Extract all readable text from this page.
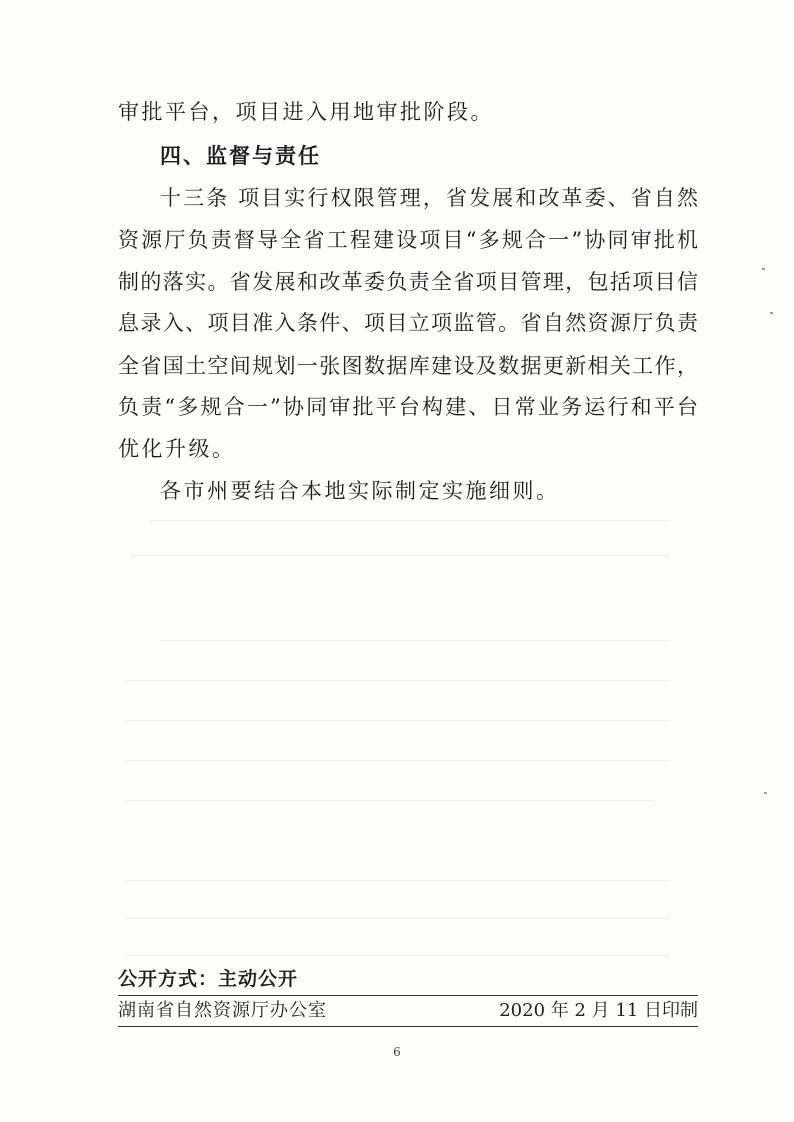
审批平台，项目进入用地审批阶段。
四、监督与责任
十三条 项目实行权限管理，省发展和改革委、省自然
资源厅负责督导全省工程建设项目“多规合一”协同审批机
制的落实。省发展和改革委负责全省项目管理，包括项目信
息录入、项目准入条件、项目立项监管。省自然资源厅负责
全省国土空间规划一张图数据库建设及数据更新相关工作，
负责“多规合一”协同审批平台构建、日常业务运行和平台
优化升级。
各市州要结合本地实际制定实施细则。
公开方式：主动公开
湖南省自然资源厅办公室	2020 年 2 月 11 日印制
6
